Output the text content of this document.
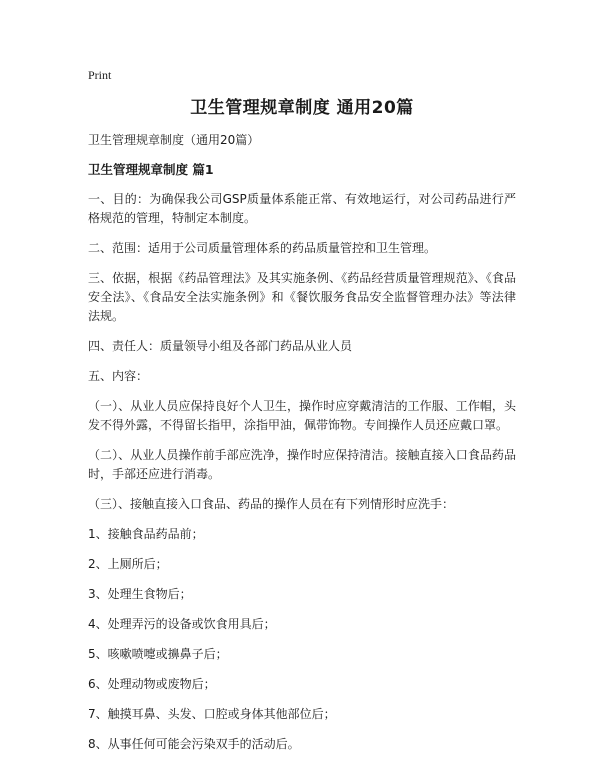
Print
卫生管理规章制度 通用20篇
卫生管理规章制度（通用20篇）
卫生管理规章制度 篇1
一、目的：为确保我公司GSP质量体系能正常、有效地运行，对公司药品进行严格规范的管理，特制定本制度。
二、范围：适用于公司质量管理体系的药品质量管控和卫生管理。
三、依据，根据《药品管理法》及其实施条例、《药品经营质量管理规范》、《食品安全法》、《食品安全法实施条例》和《餐饮服务食品安全监督管理办法》等法律法规。
四、责任人：质量领导小组及各部门药品从业人员
五、内容：
（一）、从业人员应保持良好个人卫生，操作时应穿戴清洁的工作服、工作帽，头发不得外露，不得留长指甲，涂指甲油，佩带饰物。专间操作人员还应戴口罩。
（二）、从业人员操作前手部应洗净，操作时应保持清洁。接触直接入口食品药品时，手部还应进行消毒。
（三）、接触直接入口食品、药品的操作人员在有下列情形时应洗手：
1、接触食品药品前；
2、上厕所后；
3、处理生食物后；
4、处理弄污的设备或饮食用具后；
5、咳嗽喷嚏或擤鼻子后；
6、处理动物或废物后；
7、触摸耳鼻、头发、口腔或身体其他部位后；
8、从事任何可能会污染双手的活动后。
